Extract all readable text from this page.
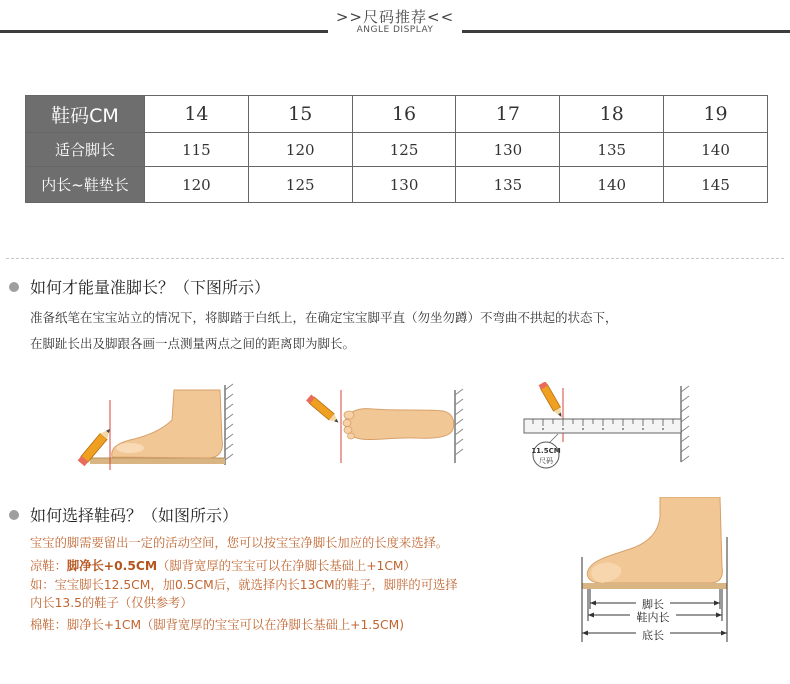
>>尺码推荐<<
ANGLE DISPLAY
鞋码CM	14	15	16	17	18	19
适合脚长	115	120	125	130	135	140
内长~鞋垫长	120	125	130	135	140	145
如何才能量准脚长？（下图所示）
准备纸笔在宝宝站立的情况下，将脚踏于白纸上，在确定宝宝脚平直（勿坐勿蹲）不弯曲不拱起的状态下，
在脚趾长出及脚跟各画一点测量两点之间的距离即为脚长。
11.5CM
尺码
如何选择鞋码？（如图所示）
宝宝的脚需要留出一定的活动空间，您可以按宝宝净脚长加应的长度来选择。
凉鞋：脚净长+0.5CM（脚背宽厚的宝宝可以在净脚长基础上+1CM）
如：宝宝脚长12.5CM，加0.5CM后，就选择内长13CM的鞋子，脚胖的可选择
内长13.5的鞋子（仅供参考）
棉鞋：脚净长+1CM（脚背宽厚的宝宝可以在净脚长基础上+1.5CM)
脚长
鞋内长
底长
